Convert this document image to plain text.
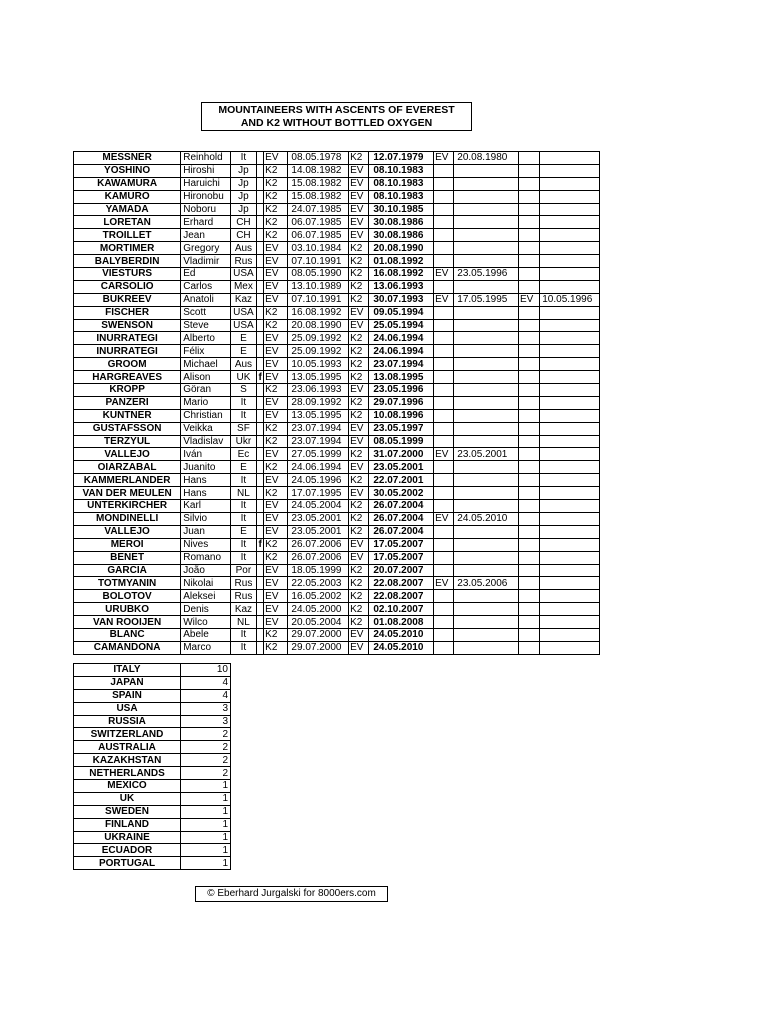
MOUNTAINEERS WITH ASCENTS OF EVEREST
AND K2 WITHOUT BOTTLED OXYGEN
MESSNER	Reinhold	It		EV	08.05.1978	K2	12.07.1979	EV	20.08.1980		
YOSHINO	Hiroshi	Jp		K2	14.08.1982	EV	08.10.1983				
KAWAMURA	Haruichi	Jp		K2	15.08.1982	EV	08.10.1983				
KAMURO	Hironobu	Jp		K2	15.08.1982	EV	08.10.1983				
YAMADA	Noboru	Jp		K2	24.07.1985	EV	30.10.1985				
LORETAN	Erhard	CH		K2	06.07.1985	EV	30.08.1986				
TROILLET	Jean	CH		K2	06.07.1985	EV	30.08.1986				
MORTIMER	Gregory	Aus		EV	03.10.1984	K2	20.08.1990				
BALYBERDIN	Vladimir	Rus		EV	07.10.1991	K2	01.08.1992				
VIESTURS	Ed	USA		EV	08.05.1990	K2	16.08.1992	EV	23.05.1996		
CARSOLIO	Carlos	Mex		EV	13.10.1989	K2	13.06.1993				
BUKREEV	Anatoli	Kaz		EV	07.10.1991	K2	30.07.1993	EV	17.05.1995	EV	10.05.1996
FISCHER	Scott	USA		K2	16.08.1992	EV	09.05.1994				
SWENSON	Steve	USA		K2	20.08.1990	EV	25.05.1994				
INURRATEGI	Alberto	E		EV	25.09.1992	K2	24.06.1994				
INURRATEGI	Félix	E		EV	25.09.1992	K2	24.06.1994				
GROOM	Michael	Aus		EV	10.05.1993	K2	23.07.1994				
HARGREAVES	Alison	UK	f	EV	13.05.1995	K2	13.08.1995				
KROPP	Göran	S		K2	23.06.1993	EV	23.05.1996				
PANZERI	Mario	It		EV	28.09.1992	K2	29.07.1996				
KUNTNER	Christian	It		EV	13.05.1995	K2	10.08.1996				
GUSTAFSSON	Veikka	SF		K2	23.07.1994	EV	23.05.1997				
TERZYUL	Vladislav	Ukr		K2	23.07.1994	EV	08.05.1999				
VALLEJO	Iván	Ec		EV	27.05.1999	K2	31.07.2000	EV	23.05.2001		
OIARZABAL	Juanito	E		K2	24.06.1994	EV	23.05.2001				
KAMMERLANDER	Hans	It		EV	24.05.1996	K2	22.07.2001				
VAN DER MEULEN	Hans	NL		K2	17.07.1995	EV	30.05.2002				
UNTERKIRCHER	Karl	It		EV	24.05.2004	K2	26.07.2004				
MONDINELLI	Silvio	It		EV	23.05.2001	K2	26.07.2004	EV	24.05.2010		
VALLEJO	Juan	E		EV	23.05.2001	K2	26.07.2004				
MEROI	Nives	It	f	K2	26.07.2006	EV	17.05.2007				
BENET	Romano	It		K2	26.07.2006	EV	17.05.2007				
GARCIA	João	Por		EV	18.05.1999	K2	20.07.2007				
TOTMYANIN	Nikolai	Rus		EV	22.05.2003	K2	22.08.2007	EV	23.05.2006		
BOLOTOV	Aleksei	Rus		EV	16.05.2002	K2	22.08.2007				
URUBKO	Denis	Kaz		EV	24.05.2000	K2	02.10.2007				
VAN ROOIJEN	Wilco	NL		EV	20.05.2004	K2	01.08.2008				
BLANC	Abele	It		K2	29.07.2000	EV	24.05.2010				
CAMANDONA	Marco	It		K2	29.07.2000	EV	24.05.2010				
ITALY	10
JAPAN	4
SPAIN	4
USA	3
RUSSIA	3
SWITZERLAND	2
AUSTRALIA	2
KAZAKHSTAN	2
NETHERLANDS	2
MEXICO	1
UK	1
SWEDEN	1
FINLAND	1
UKRAINE	1
ECUADOR	1
PORTUGAL	1
© Eberhard Jurgalski for 8000ers.com
